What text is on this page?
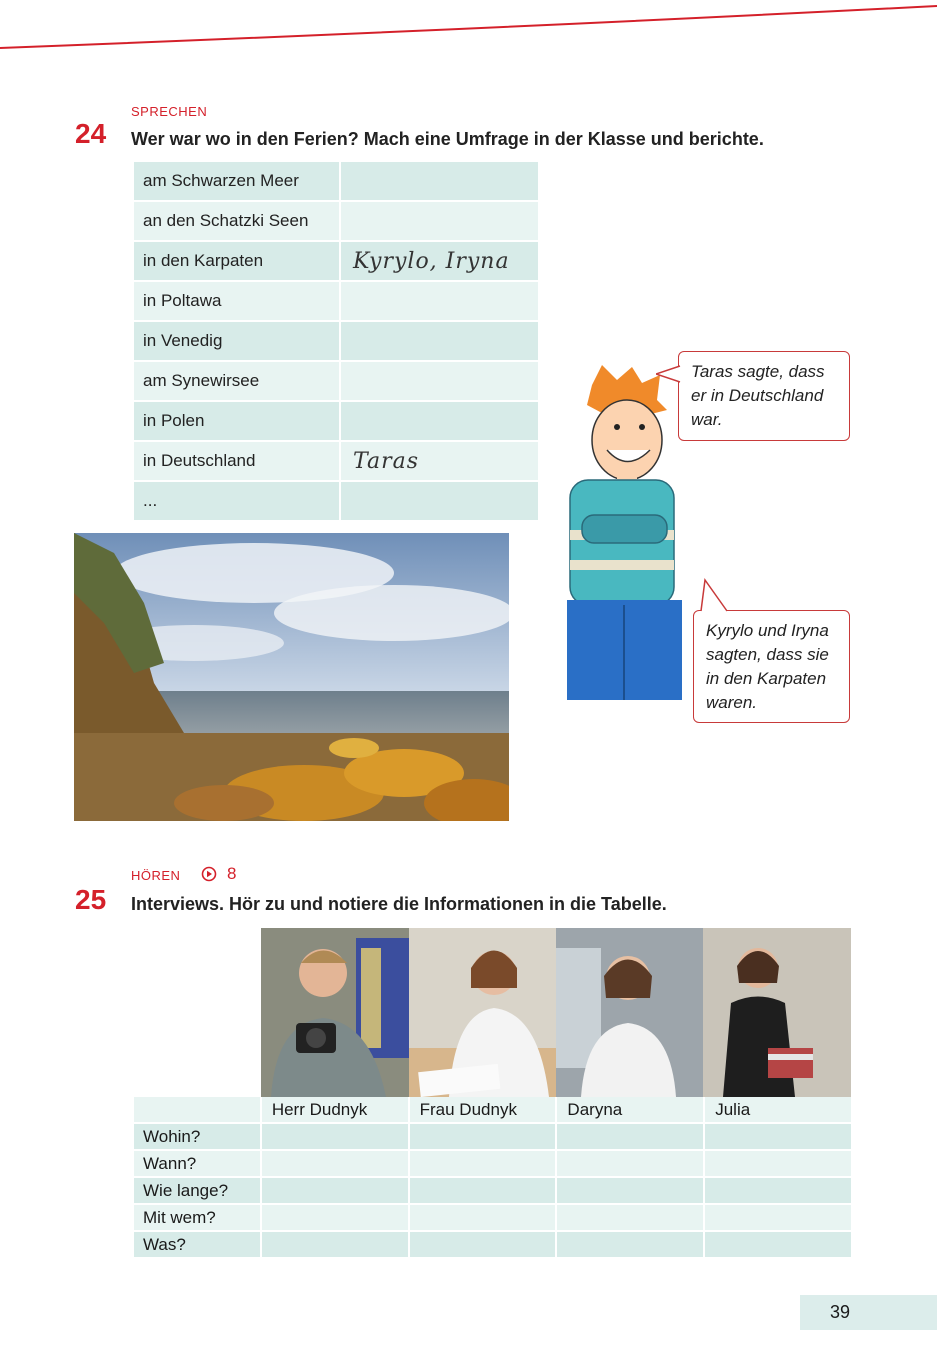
SPRECHEN
24 Wer war wo in den Ferien? Mach eine Umfrage in der Klasse und berichte.
am Schwarzen Meer
an den Schatzki Seen
in den Karpaten	Kyrylo, Iryna
in Poltawa
in Venedig
am Synewirsee
in Polen
in Deutschland	Taras
...
Taras sagte, dass er in Deutschland war.
Kyrylo und Iryna sagten, dass sie in den Karpaten waren.
HÖREN	8
25 Interviews. Hör zu und notiere die Informationen in die Tabelle.
Herr Dudnyk	Frau Dudnyk	Daryna	Julia
Wohin?
Wann?
Wie lange?
Mit wem?
Was?
39
